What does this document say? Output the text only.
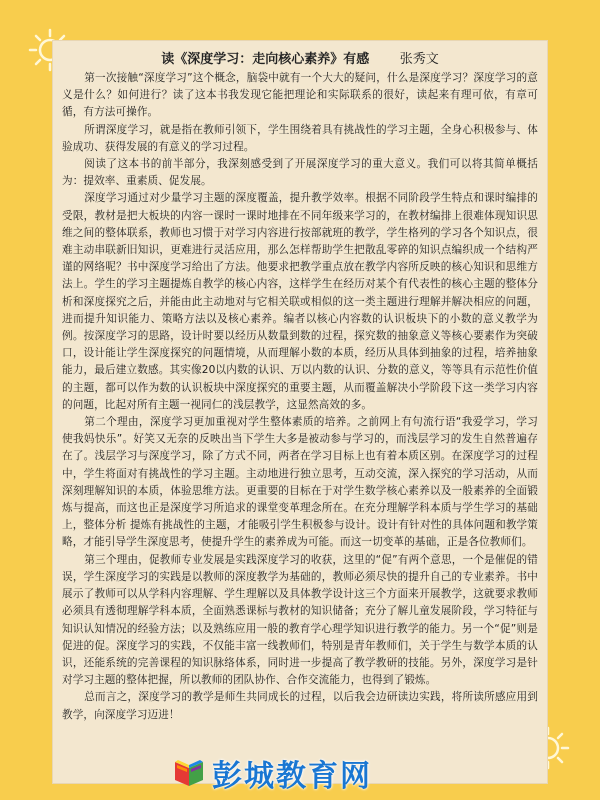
读《深度学习：走向核心素养》有感 张秀文

第一次接触“深度学习”这个概念，脑袋中就有一个大大的疑问，什么是深度学习？深度学习的意义是什么？如何进行？读了这本书我发现它能把理论和实际联系的很好，读起来有理可依，有章可循，有方法可操作。

所谓深度学习，就是指在教师引领下，学生围绕着具有挑战性的学习主题，全身心积极参与、体验成功、获得发展的有意义的学习过程。

阅读了这本书的前半部分，我深刻感受到了开展深度学习的重大意义。我们可以将其简单概括为：提效率、重素质、促发展。

深度学习通过对少量学习主题的深度覆盖，提升教学效率。根据不同阶段学生特点和课时编排的受限，教材是把大板块的内容一课时一课时地排在不同年级来学习的，在教材编排上很难体现知识思维之间的整体联系，教师也习惯于对学习内容进行按部就班的教学，学生格列的学习各个知识点，很难主动串联新旧知识，更难进行灵活应用，那么怎样帮助学生把散乱零碎的知识点编织成一个结构严谨的网络呢？书中深度学习给出了方法。他要求把教学重点放在教学内容所反映的核心知识和思维方法上。学生的学习主题提炼自教学的核心内容，这样学生在经历对某个有代表性的核心主题的整体分析和深度探究之后，并能由此主动地对与它相关联或相似的这一类主题进行理解并解决相应的问题，进而提升知识能力、策略方法以及核心素养。编者以核心内容数的认识板块下的小数的意义教学为例。按深度学习的思路，设计时要以经历从数量到数的过程，探究数的抽象意义等核心要素作为突破口，设计能让学生深度探究的问题情境，从而理解小数的本质，经历从具体到抽象的过程，培养抽象能力，最后建立数感。其实像20以内数的认识、万以内数的认识、分数的意义，等等具有示范性价值的主题，都可以作为数的认识板块中深度探究的重要主题，从而覆盖解决小学阶段下这一类学习内容的问题，比起对所有主题一视同仁的浅层教学，这显然高效的多。

第二个理由，深度学习更加重视对学生整体素质的培养。之前网上有句流行语“我爱学习，学习使我妈快乐”。好笑又无奈的反映出当下学生大多是被动参与学习的，而浅层学习的发生自然普遍存在了。浅层学习与深度学习，除了方式不同，两者在学习目标上也有着本质区别。在深度学习的过程中，学生将面对有挑战性的学习主题。主动地进行独立思考，互动交流，深入探究的学习活动，从而深刻理解知识的本质，体验思维方法。更重要的目标在于对学生数学核心素养以及一般素养的全面锻炼与提高，而这也正是深度学习所追求的课堂变革理念所在。在充分理解学科本质与学生学习的基础上，整体分析 提炼有挑战性的主题，才能吸引学生积极参与设计。设计有针对性的具体问题和教学策略，才能引导学生深度思考，使提升学生的素养成为可能。而这一切变革的基础，正是各位教师们。

第三个理由，促教师专业发展是实践深度学习的收获，这里的“促”有两个意思，一个是催促的错误，学生深度学习的实践是以教师的深度教学为基础的，教师必须尽快的提升自己的专业素养。书中展示了教师可以从学科内容理解、学生理解以及具体教学设计这三个方面来开展教学，这就要求教师必须具有透彻理解学科本质，全面熟悉课标与教材的知识储备；充分了解儿童发展阶段，学习特征与知识认知情况的经验方法；以及熟练应用一般的教育学心理学知识进行教学的能力。另一个“促”则是促进的促。深度学习的实践，不仅能丰富一线教师们，特别是青年教师们，关于学生与数学本质的认识，还能系统的完善课程的知识脉络体系，同时进一步提高了教学教研的技能。另外，深度学习是针对学习主题的整体把握，所以教师的团队协作、合作交流能力，也得到了锻炼。

总而言之，深度学习的教学是师生共同成长的过程，以后我会边研读边实践，将所读所感应用到教学，向深度学习迈进！

彭城教育网
